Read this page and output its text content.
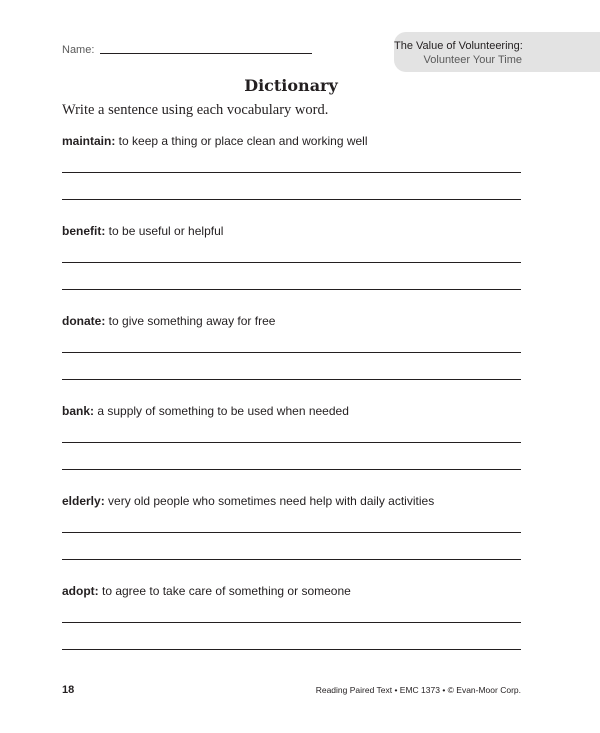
Name:	The Value of Volunteering:
Volunteer Your Time
Dictionary
Write a sentence using each vocabulary word.
maintain: to keep a thing or place clean and working well
benefit: to be useful or helpful
donate: to give something away for free
bank: a supply of something to be used when needed
elderly: very old people who sometimes need help with daily activities
adopt: to agree to take care of something or someone
18	Reading Paired Text • EMC 1373 • © Evan-Moor Corp.
